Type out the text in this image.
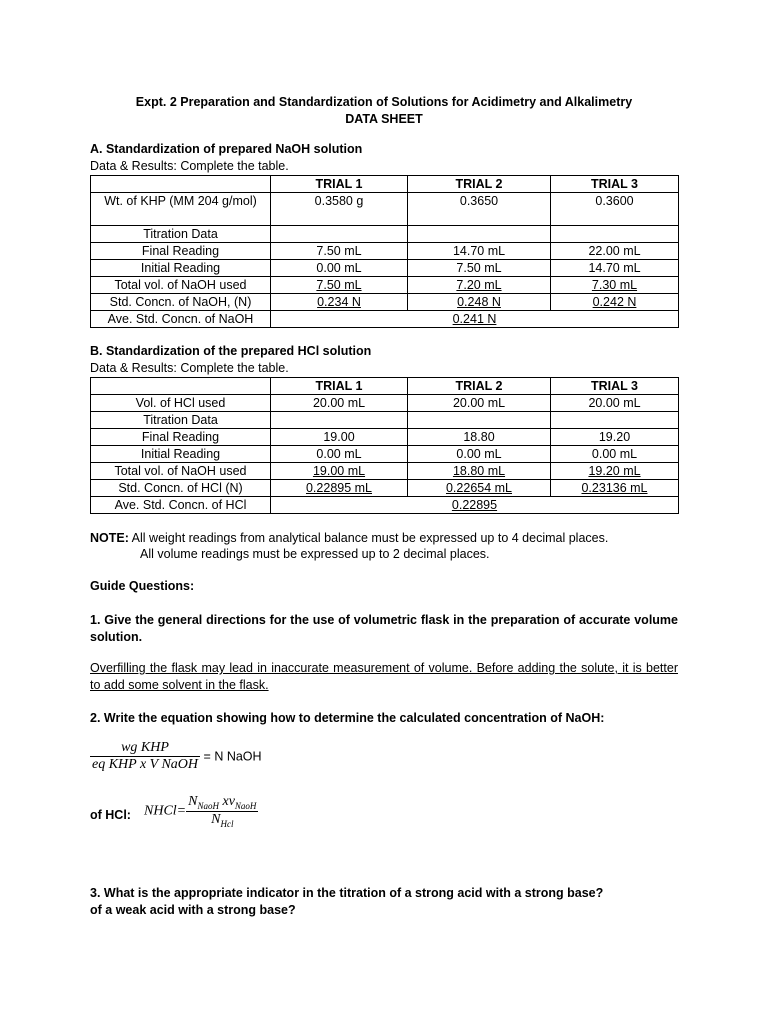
Expt. 2 Preparation and Standardization of Solutions for Acidimetry and Alkalimetry
DATA SHEET
A. Standardization of prepared NaOH solution
Data & Results: Complete the table.
	TRIAL 1	TRIAL 2	TRIAL 3
Wt. of KHP (MM 204 g/mol)	0.3580 g	0.3650	0.3600
Titration Data			
Final Reading	7.50 mL	14.70 mL	22.00 mL
Initial Reading	0.00 mL	7.50 mL	14.70 mL
Total vol. of NaOH used	7.50 mL	7.20 mL	7.30 mL
Std. Concn. of NaOH, (N)	0.234 N	0.248 N	0.242 N
Ave. Std. Concn. of NaOH	0.241 N		
B. Standardization of the prepared HCl solution
Data & Results: Complete the table.
	TRIAL 1	TRIAL 2	TRIAL 3
Vol. of HCl used	20.00 mL	20.00 mL	20.00 mL
Titration Data			
Final Reading	19.00	18.80	19.20
Initial Reading	0.00 mL	0.00 mL	0.00 mL
Total vol. of NaOH used	19.00 mL	18.80 mL	19.20 mL
Std. Concn. of HCl (N)	0.22895 mL	0.22654 mL	0.23136 mL
Ave. Std. Concn. of HCl	0.22895		
NOTE: All weight readings from analytical balance must be expressed up to 4 decimal places.
All volume readings must be expressed up to 2 decimal places.
Guide Questions:
1. Give the general directions for the use of volumetric flask in the preparation of accurate volume solution.
Overfilling the flask may lead in inaccurate measurement of volume. Before adding the solute, it is better to add some solvent in the flask.
2. Write the equation showing how to determine the calculated concentration of NaOH:
$\frac{\text{wg KHP}}{\text{eq KHP x V NaOH}} = N$ NaOH
of HCl: NHCl= $\frac{N_{NaoH} xv_{NaoH}}{N_{Hcl}}$
3. What is the appropriate indicator in the titration of a strong acid with a strong base?
of a weak acid with a strong base?
